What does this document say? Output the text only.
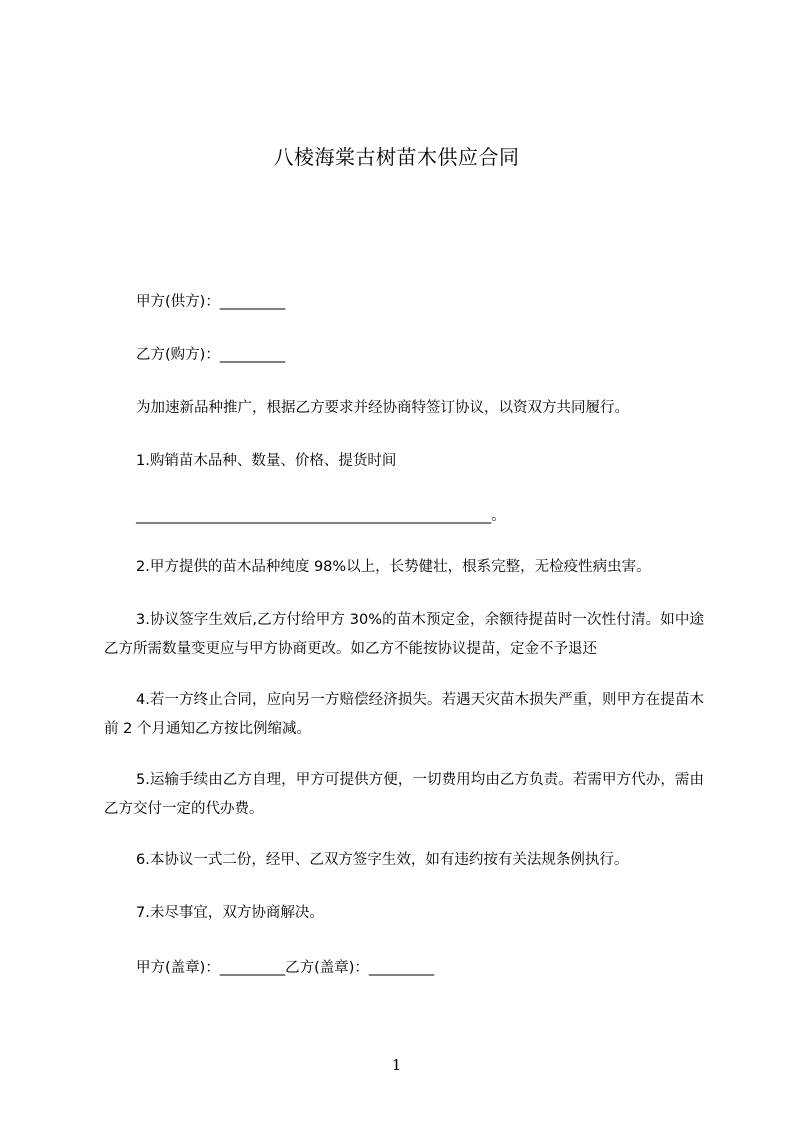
八棱海棠古树苗木供应合同
甲方(供方)：_________
乙方(购方)：_________
为加速新品种推广，根据乙方要求并经协商特签订协议，以资双方共同履行。
1.购销苗木品种、数量、价格、提货时间
_________________________________________________。
2.甲方提供的苗木品种纯度 98%以上，长势健壮，根系完整，无检疫性病虫害。
3.协议签字生效后,乙方付给甲方 30%的苗木预定金，余额待提苗时一次性付清。如中途乙方所需数量变更应与甲方协商更改。如乙方不能按协议提苗，定金不予退还
4.若一方终止合同，应向另一方赔偿经济损失。若遇天灾苗木损失严重，则甲方在提苗木前 2 个月通知乙方按比例缩减。
5.运输手续由乙方自理，甲方可提供方便，一切费用均由乙方负责。若需甲方代办，需由乙方交付一定的代办费。
6.本协议一式二份，经甲、乙双方签字生效，如有违约按有关法规条例执行。
7.未尽事宜，双方协商解决。
甲方(盖章)：_________乙方(盖章)：_________
1
